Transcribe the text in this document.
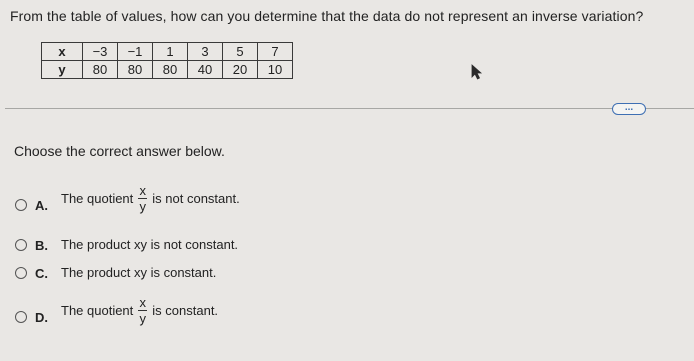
From the table of values, how can you determine that the data do not represent an inverse variation?
x	−3	−1	1	3	5	7
y	80	80	80	40	20	10
...
Choose the correct answer below.
A. The quotient $\frac{x}{y}$ is not constant.
B. The product xy is not constant.
C. The product xy is constant.
D. The quotient $\frac{x}{y}$ is constant.
